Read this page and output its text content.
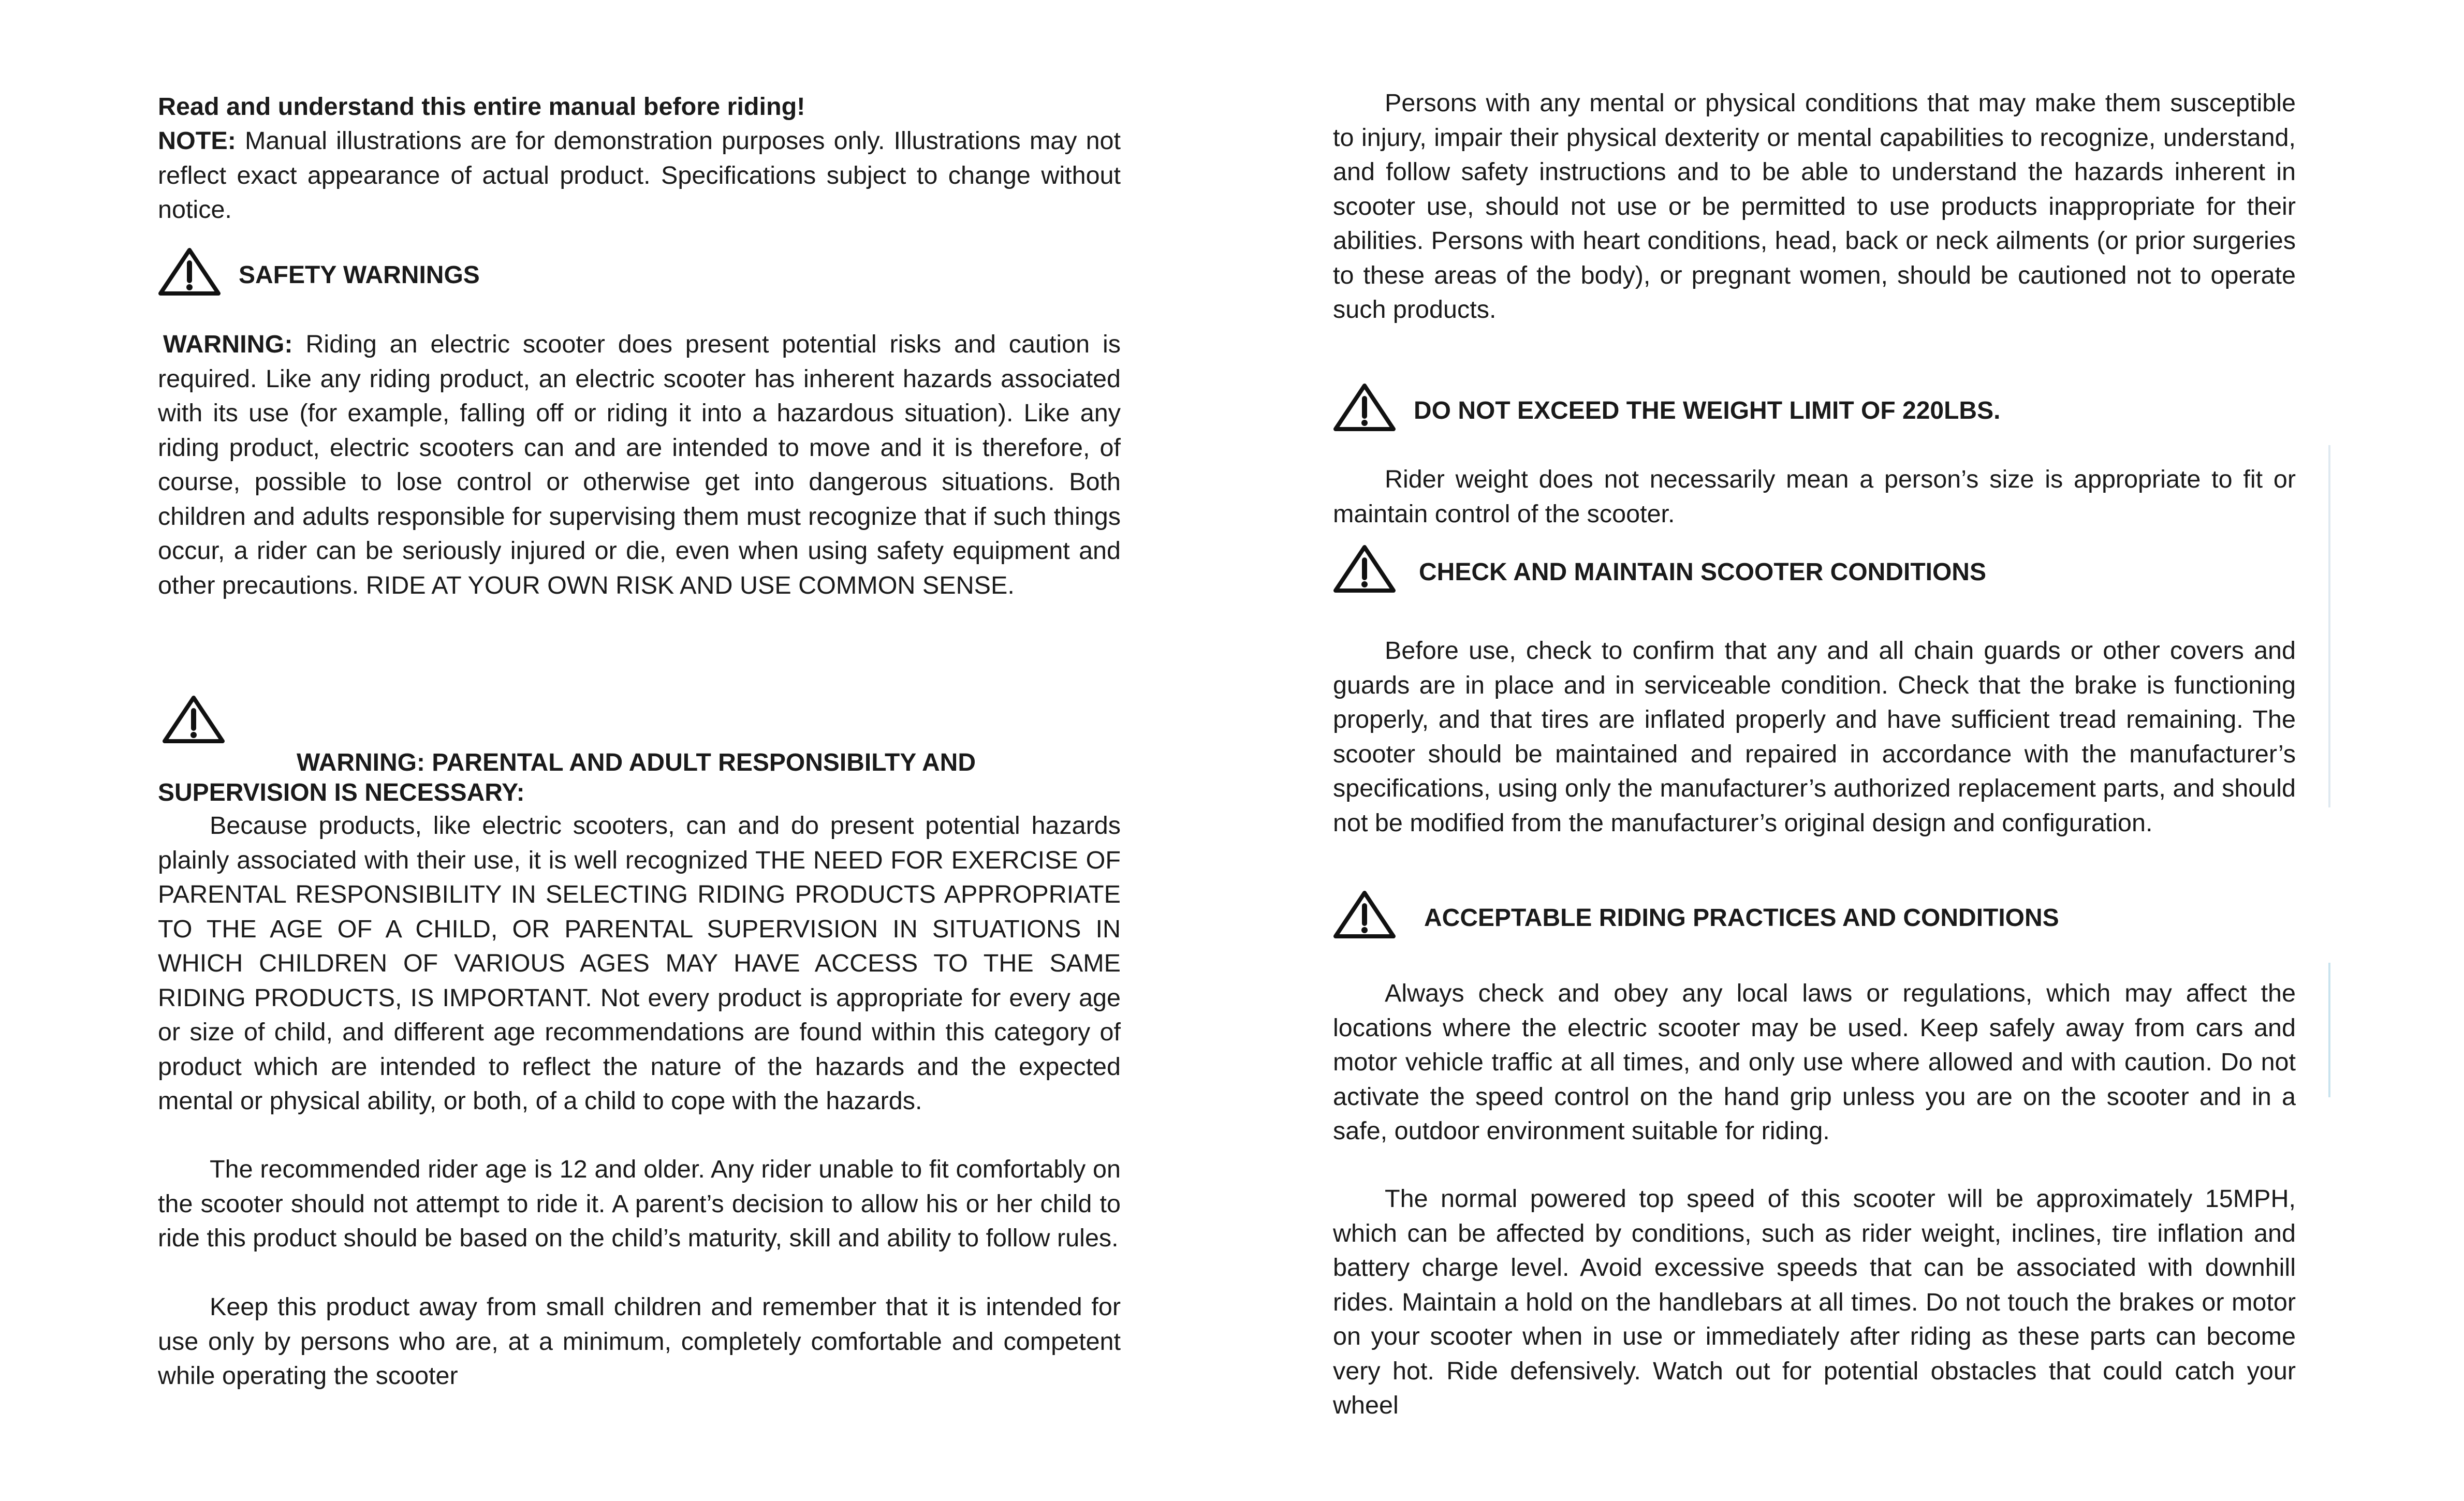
Read and understand this entire manual before riding!

NOTE: Manual illustrations are for demonstration purposes only. Illustrations may not reflect exact appearance of actual product. Specifications subject to change without notice.

SAFETY WARNINGS

WARNING: Riding an electric scooter does present potential risks and caution is required. Like any riding product, an electric scooter has inherent hazards associated with its use (for example, falling off or riding it into a hazardous situation). Like any riding product, electric scooters can and are intended to move and it is therefore, of course, possible to lose control or otherwise get into dangerous situations. Both children and adults responsible for supervising them must recognize that if such things occur, a rider can be seriously injured or die, even when using safety equipment and other precautions. RIDE AT YOUR OWN RISK AND USE COMMON SENSE.

WARNING: PARENTAL AND ADULT RESPONSIBILTY AND
SUPERVISION IS NECESSARY:

Because products, like electric scooters, can and do present potential hazards plainly associated with their use, it is well recognized THE NEED FOR EXERCISE OF PARENTAL RESPONSIBILITY IN SELECTING RIDING PRODUCTS APPROPRIATE TO THE AGE OF A CHILD, OR PARENTAL SUPERVISION IN SITUATIONS IN WHICH CHILDREN OF VARIOUS AGES MAY HAVE ACCESS TO THE SAME RIDING PRODUCTS, IS IMPORTANT. Not every product is appropriate for every age or size of child, and different age recommendations are found within this category of product which are intended to reflect the nature of the hazards and the expected mental or physical ability, or both, of a child to cope with the hazards.

The recommended rider age is 12 and older. Any rider unable to fit comfortably on the scooter should not attempt to ride it. A parent’s decision to allow his or her child to ride this product should be based on the child’s maturity, skill and ability to follow rules.

Keep this product away from small children and remember that it is intended for use only by persons who are, at a minimum, completely comfortable and competent while operating the scooter

Persons with any mental or physical conditions that may make them susceptible to injury, impair their physical dexterity or mental capabilities to recognize, understand, and follow safety instructions and to be able to understand the hazards inherent in scooter use, should not use or be permitted to use products inappropriate for their abilities. Persons with heart conditions, head, back or neck ailments (or prior surgeries to these areas of the body), or pregnant women, should be cautioned not to operate such products.

DO NOT EXCEED THE WEIGHT LIMIT OF 220LBS.

Rider weight does not necessarily mean a person’s size is appropriate to fit or maintain control of the scooter.

CHECK AND MAINTAIN SCOOTER CONDITIONS

Before use, check to confirm that any and all chain guards or other covers and guards are in place and in serviceable condition. Check that the brake is functioning properly, and that tires are inflated properly and have sufficient tread remaining. The scooter should be maintained and repaired in accordance with the manufacturer’s specifications, using only the manufacturer’s authorized replacement parts, and should not be modified from the manufacturer’s original design and configuration.

ACCEPTABLE RIDING PRACTICES AND CONDITIONS

Always check and obey any local laws or regulations, which may affect the locations where the electric scooter may be used. Keep safely away from cars and motor vehicle traffic at all times, and only use where allowed and with caution. Do not activate the speed control on the hand grip unless you are on the scooter and in a safe, outdoor environment suitable for riding.

The normal powered top speed of this scooter will be approximately 15MPH, which can be affected by conditions, such as rider weight, inclines, tire inflation and battery charge level. Avoid excessive speeds that can be associated with downhill rides. Maintain a hold on the handlebars at all times. Do not touch the brakes or motor on your scooter when in use or immediately after riding as these parts can become very hot. Ride defensively. Watch out for potential obstacles that could catch your wheel
